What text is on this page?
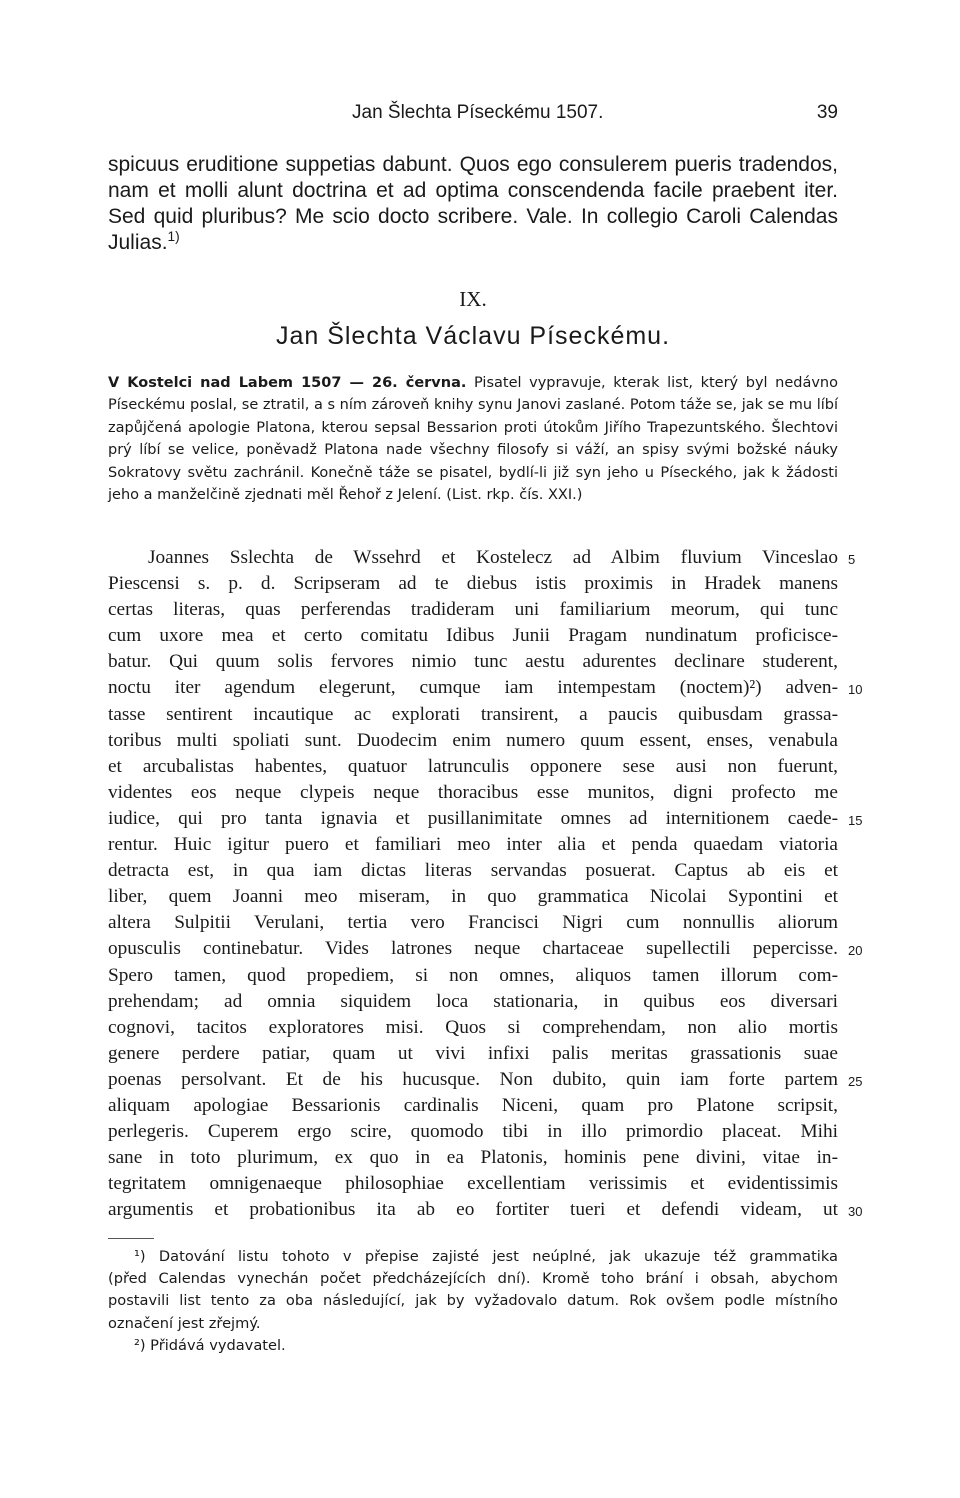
Jan Šlechta Píseckému 1507.	39
spicuus eruditione suppetias dabunt. Quos ego consulerem pueris tradendos, nam et molli alunt doctrina et ad optima conscendenda facile praebent iter. Sed quid pluribus? Me scio docto scribere. Vale. In collegio Caroli Calendas Julias.$^{1)}$
IX.
Jan Šlechta Václavu Píseckému.
V Kostelci nad Labem 1507 — 26. června. Pisatel vypravuje, kterak list, který byl nedávno Píseckému poslal, se ztratil, a s ním zároveň knihy synu Janovi zaslané. Potom táže se, jak se mu líbí zapůjčená apologie Platona, kterou sepsal Bessarion proti útokům Jiřího Trapezuntského. Šlechtovi prý líbí se velice, poněvadž Platona nade všechny filosofy si váží, an spisy svými božské náuky Sokratovy světu zachránil. Konečně táže se pisatel, bydlí-li již syn jeho u Píseckého, jak k žádosti jeho a manželčině zjednati měl Řehoř z Jelení. (List. rkp. čís. XXI.)
Joannes Sslechta de Wssehrd et Kostelecz ad Albim fluvium Vinceslao 5
Piescensi s. p. d. Scripseram ad te diebus istis proximis in Hradek manens
certas literas, quas perferendas tradideram uni familiarium meorum, qui tunc
cum uxore mea et certo comitatu Idibus Junii Pragam nundinatum proficisce-
batur. Qui quum solis fervores nimio tunc aestu adurentes declinare studerent,
noctu iter agendum elegerunt, cumque iam intempestam (noctem)²) adven- 10
tasse sentirent incautique ac explorati transirent, a paucis quibusdam grassa-
toribus multi spoliati sunt. Duodecim enim numero quum essent, enses, venabula
et arcubalistas habentes, quatuor latrunculis opponere sese ausi non fuerunt,
videntes eos neque clypeis neque thoracibus esse munitos, digni profecto me
iudice, qui pro tanta ignavia et pusillanimitate omnes ad internitionem caede- 15
rentur. Huic igitur puero et familiari meo inter alia et penda quaedam viatoria
detracta est, in qua iam dictas literas servandas posuerat. Captus ab eis et
liber, quem Joanni meo miseram, in quo grammatica Nicolai Sypontini et
altera Sulpitii Verulani, tertia vero Francisci Nigri cum nonnullis aliorum
opusculis continebatur. Vides latrones neque chartaceae supellectili pepercisse. 20
Spero tamen, quod propediem, si non omnes, aliquos tamen illorum com-
prehendam; ad omnia siquidem loca stationaria, in quibus eos diversari
cognovi, tacitos exploratores misi. Quos si comprehendam, non alio mortis
genere perdere patiar, quam ut vivi infixi palis meritas grassationis suae
poenas persolvant. Et de his hucusque. Non dubito, quin iam forte partem 25
aliquam apologiae Bessarionis cardinalis Niceni, quam pro Platone scripsit,
perlegeris. Cuperem ergo scire, quomodo tibi in illo primordio placeat. Mihi
sane in toto plurimum, ex quo in ea Platonis, hominis pene divini, vitae in-
tegritatem omnigenaeque philosophiae excellentiam verissimis et evidentissimis
argumentis et probationibus ita ab eo fortiter tueri et defendi videam, ut 30
¹) Datování listu tohoto v přepise zajisté jest neúplné, jak ukazuje též grammatika
(před Calendas vynechán počet předcházejících dní). Kromě toho brání i obsah, abychom
postavili list tento za oba následující, jak by vyžadovalo datum. Rok ovšem podle místního
označení jest zřejmý.
²) Přidává vydavatel.
